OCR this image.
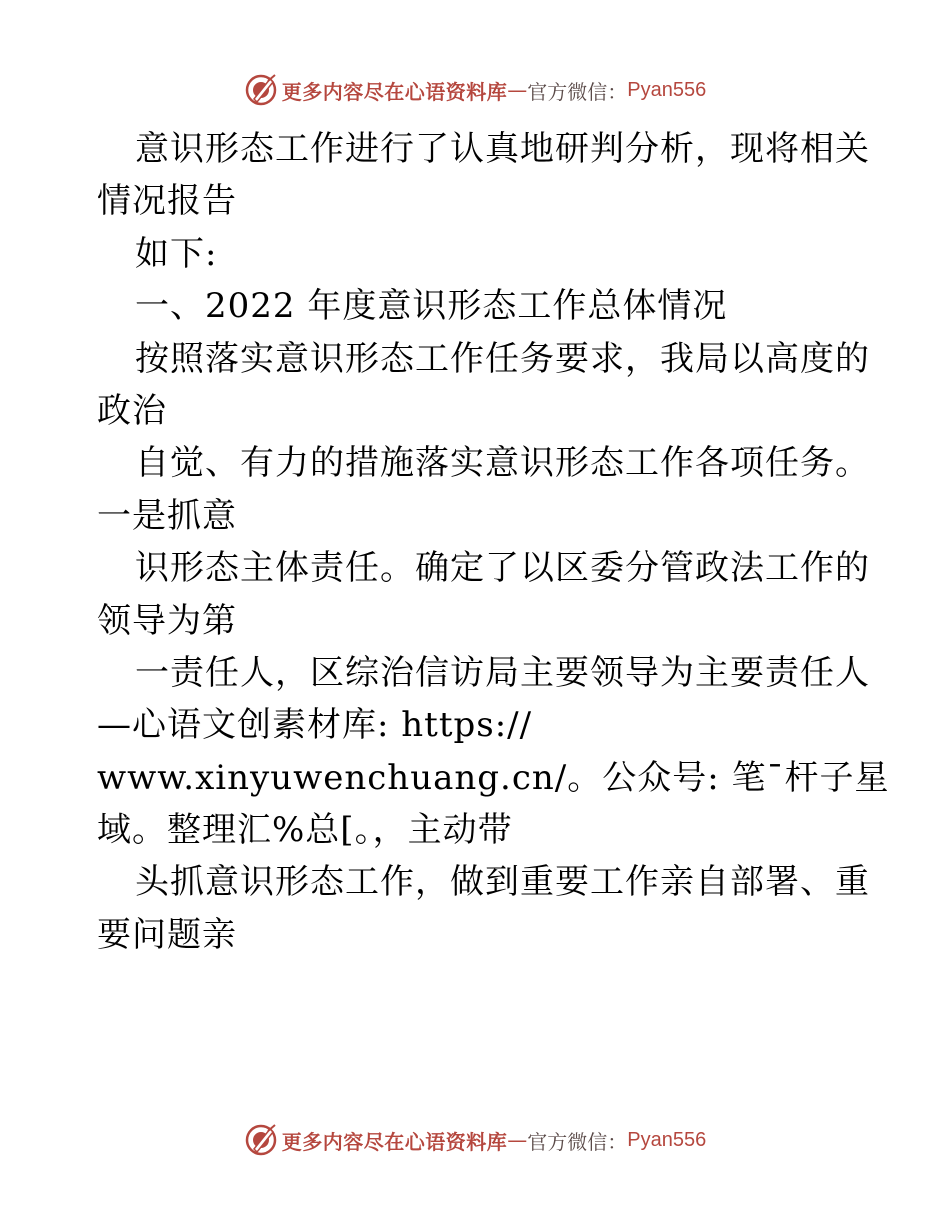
更多内容尽在心语资料库 — 官方微信： Pyan556
意识形态工作进行了认真地研判分析，现将相关
情况报告
如下:
一、2022 年度意识形态工作总体情况
按照落实意识形态工作任务要求，我局以高度的
政治
自觉、有力的措施落实意识形态工作各项任务。
一是抓意
识形态主体责任。确定了以区委分管政法工作的
领导为第
一责任人，区综治信访局主要领导为主要责任人
—心语文创素材库: https://
www.xinyuwenchuang.cn/。公众号: 笔¯杆子星
域。整理汇%总[。，主动带
头抓意识形态工作，做到重要工作亲自部署、重
要问题亲
更多内容尽在心语资料库 — 官方微信： Pyan556
